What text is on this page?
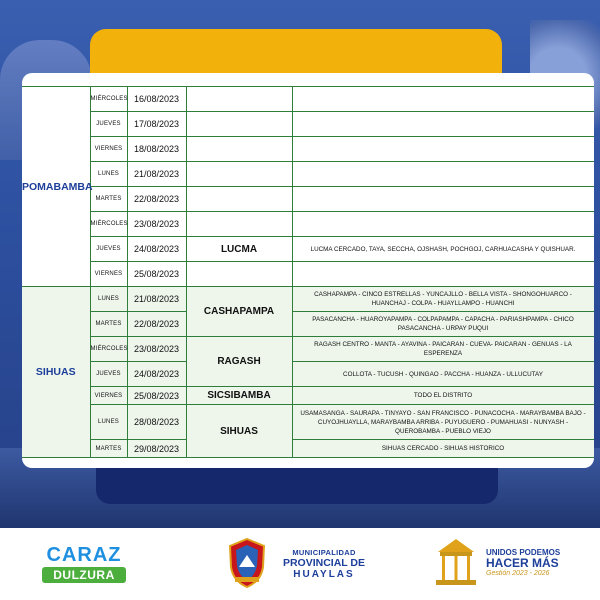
POMABAMBA	MIÉRCOLES	16/08/2023		
	JUEVES	17/08/2023		
	VIERNES	18/08/2023		
	LUNES	21/08/2023		
	MARTES	22/08/2023		
	MIÉRCOLES	23/08/2023		
	JUEVES	24/08/2023	LUCMA	LUCMA CERCADO, TAYA, SECCHA, OJSHASH, POCHGOJ, CARHUACASHA Y QUISHUAR.
	VIERNES	25/08/2023		
SIHUAS	LUNES	21/08/2023	CASHAPAMPA	CASHAPAMPA - CINCO ESTRELLAS - YUNCAJLLO - BELLA VISTA - SHONGOHUARCO - HUANCHAJ - COLPA - HUAYLLAMPO - HUANCHI
	MARTES	22/08/2023		PASACANCHA - HUAROYAPAMPA - COLPAPAMPA - CAPACHA - PARIASHPAMPA - CHICO PASACANCHA - URPAY PUQUI
	MIÉRCOLES	23/08/2023	RAGASH	RAGASH CENTRO - MANTA - AYAVINA - PAICARAN - CUEVA- PAICARAN - GENUAS - LA ESPERENZA
	JUEVES	24/08/2023		COLLOTA - TUCUSH - QUINGAO - PACCHA - HUANZA - ULLUCUTAY
	VIERNES	25/08/2023	SICSIBAMBA	TODO EL DISTRITO
	LUNES	28/08/2023	SIHUAS	USAMASANGA - SAURAPA - TINYAYO - SAN FRANCISCO - PUNACOCHA - MARAYBAMBA BAJO - CUYOJHUAYLLA, MARAYBAMBA ARRIBA - PUYUGUERO - PUMAHUASI - NUNYASH - QUEROBAMBA - PUEBLO VIEJO
	MARTES	29/08/2023		SIHUAS CERCADO - SIHUAS HISTORICO
CARAZ
DULZURA
MUNICIPALIDAD
PROVINCIAL DE
HUAYLAS
UNIDOS PODEMOS
HACER MÁS
Gestión 2023 - 2026
